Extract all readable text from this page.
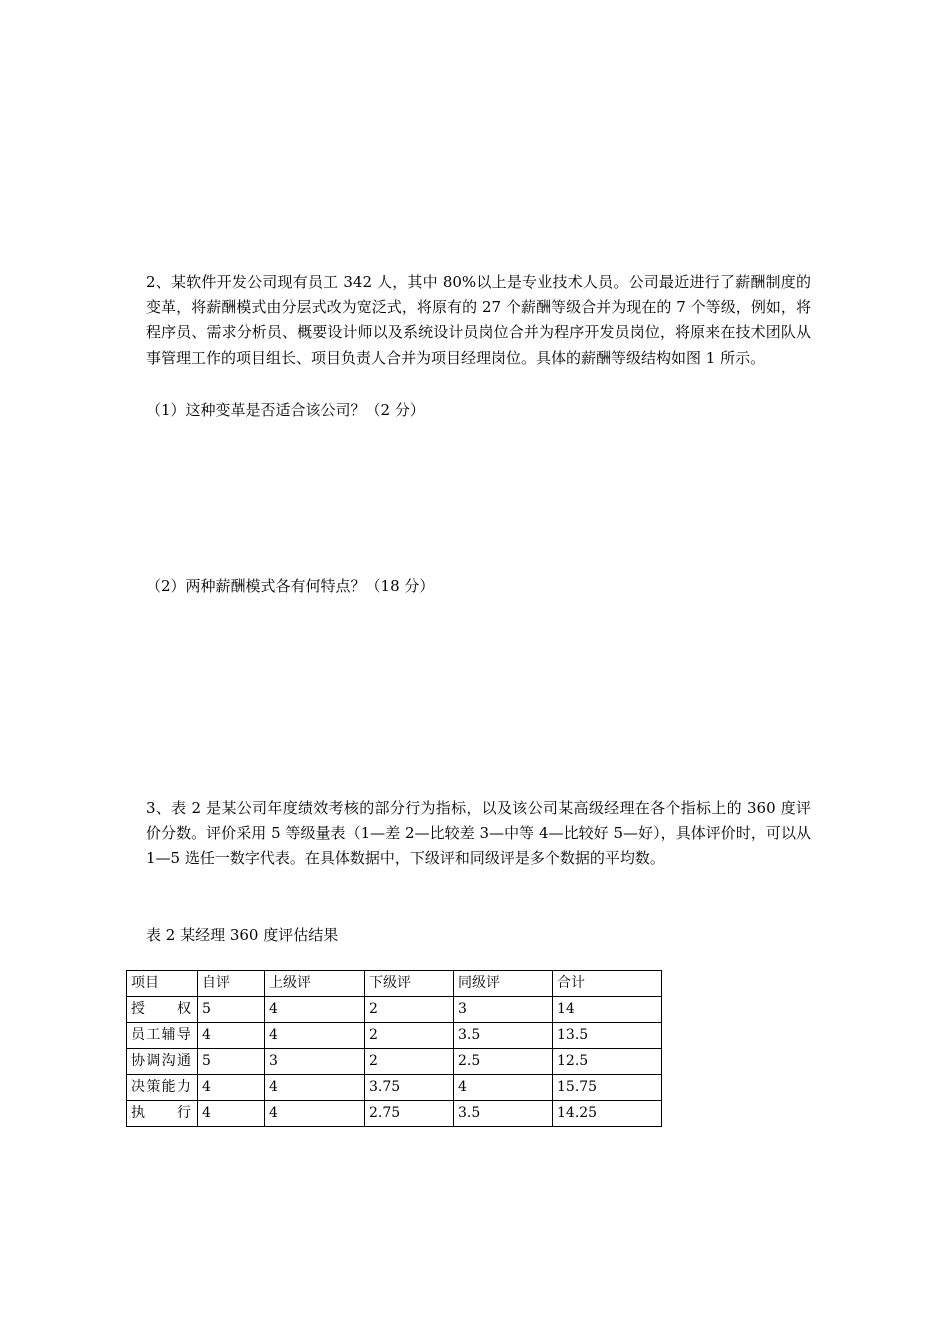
2、某软件开发公司现有员工 342 人，其中 80%以上是专业技术人员。公司最近进行了薪酬制度的变革，将薪酬模式由分层式改为宽泛式，将原有的 27 个薪酬等级合并为现在的 7 个等级，例如，将程序员、需求分析员、概要设计师以及系统设计员岗位合并为程序开发员岗位，将原来在技术团队从事管理工作的项目组长、项目负责人合并为项目经理岗位。具体的薪酬等级结构如图 1 所示。

（1）这种变革是否适合该公司？（2 分）

（2）两种薪酬模式各有何特点？（18 分）

3、表 2 是某公司年度绩效考核的部分行为指标，以及该公司某高级经理在各个指标上的 360 度评价分数。评价采用 5 等级量表（1—差 2—比较差 3—中等 4—比较好 5—好），具体评价时，可以从 1—5 选任一数字代表。在具体数据中，下级评和同级评是多个数据的平均数。

表 2 某经理 360 度评估结果

项目	自评	上级评	下级评	同级评	合计
授权	5	4	2	3	14
员工辅导	4	4	2	3.5	13.5
协调沟通	5	3	2	2.5	12.5
决策能力	4	4	3.75	4	15.75
执行	4	4	2.75	3.5	14.25
